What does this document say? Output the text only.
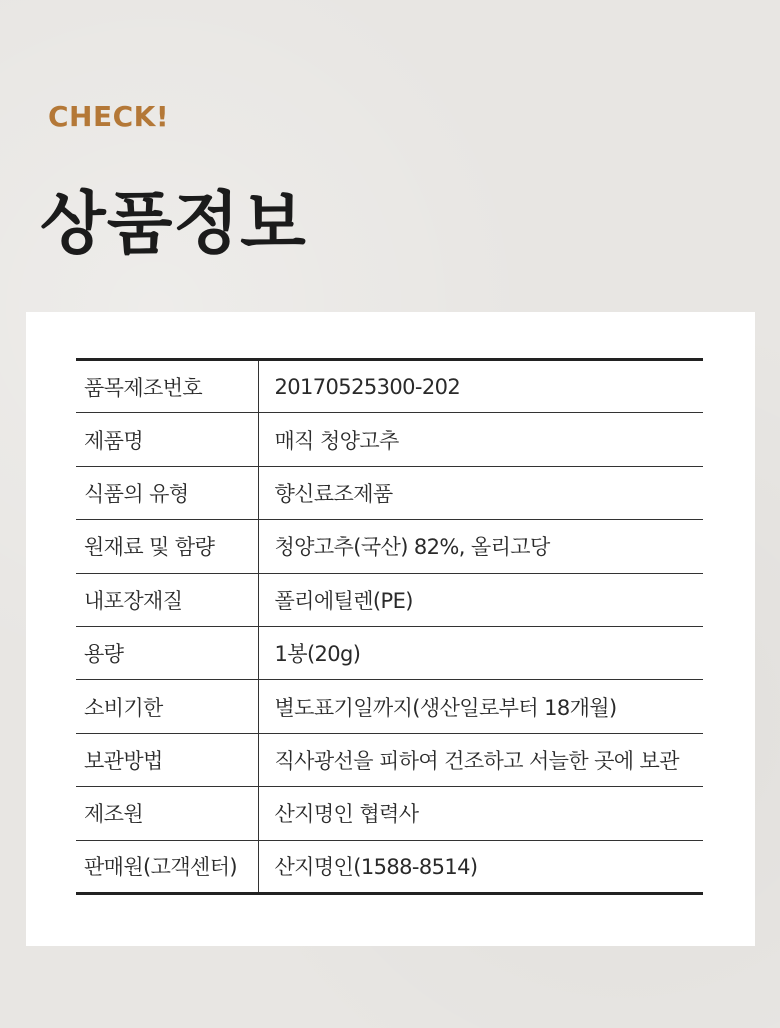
CHECK!
상품정보
품목제조번호	20170525300-202
제품명	매직 청양고추
식품의 유형	향신료조제품
원재료 및 함량	청양고추(국산) 82%, 올리고당
내포장재질	폴리에틸렌(PE)
용량	1봉(20g)
소비기한	별도표기일까지(생산일로부터 18개월)
보관방법	직사광선을 피하여 건조하고 서늘한 곳에 보관
제조원	산지명인 협력사
판매원(고객센터)	산지명인(1588-8514)
